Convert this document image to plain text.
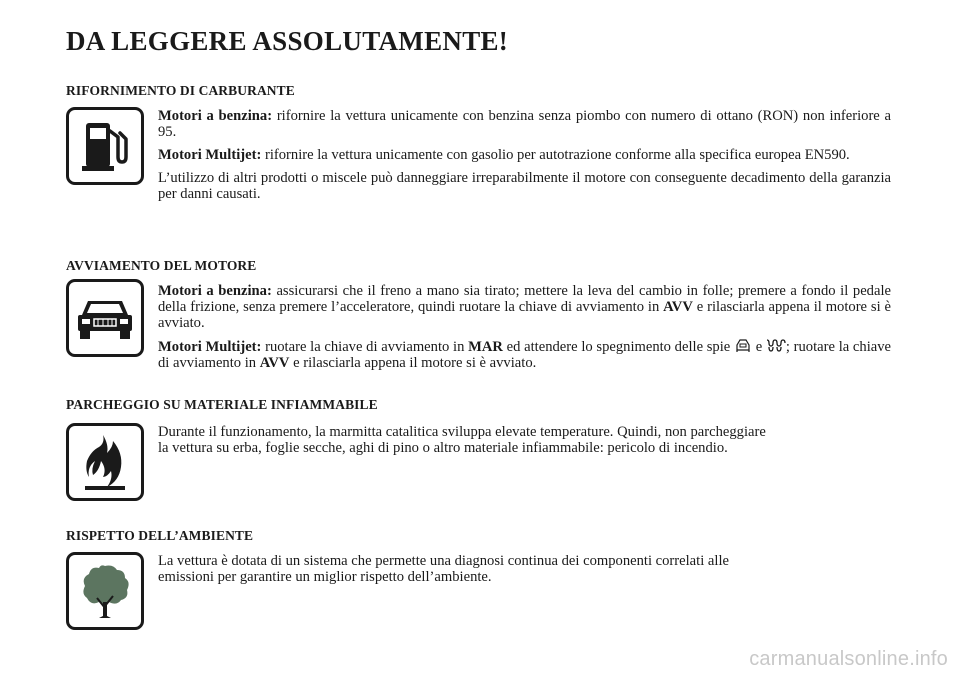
DA LEGGERE ASSOLUTAMENTE!
RIFORNIMENTO DI CARBURANTE

Motori a benzina: rifornire la vettura unicamente con benzina senza piombo con numero di ottano (RON) non inferiore a 95.

Motori Multijet: rifornire la vettura unicamente con gasolio per autotrazione conforme alla specifica europea EN590.

L’utilizzo di altri prodotti o miscele può danneggiare irreparabilmente il motore con conseguente decadimento della garanzia per danni causati.

AVVIAMENTO DEL MOTORE

Motori a benzina: assicurarsi che il freno a mano sia tirato; mettere la leva del cambio in folle; premere a fondo il pedale della frizione, senza premere l’acceleratore, quindi ruotare la chiave di avviamento in AVV e rilasciarla appena il motore si è avviato.

Motori Multijet: ruotare la chiave di avviamento in MAR ed attendere lo spegnimento delle spie  e ; ruotare la chiave di avviamento in AVV e rilasciarla appena il motore si è avviato.

PARCHEGGIO SU MATERIALE INFIAMMABILE

Durante il funzionamento, la marmitta catalitica sviluppa elevate temperature. Quindi, non parcheggiare
la vettura su erba, foglie secche, aghi di pino o altro materiale infiammabile: pericolo di incendio.

RISPETTO DELL’AMBIENTE

La vettura è dotata di un sistema che permette una diagnosi continua dei componenti correlati alle
emissioni per garantire un miglior rispetto dell’ambiente.

carmanualsonline.info
